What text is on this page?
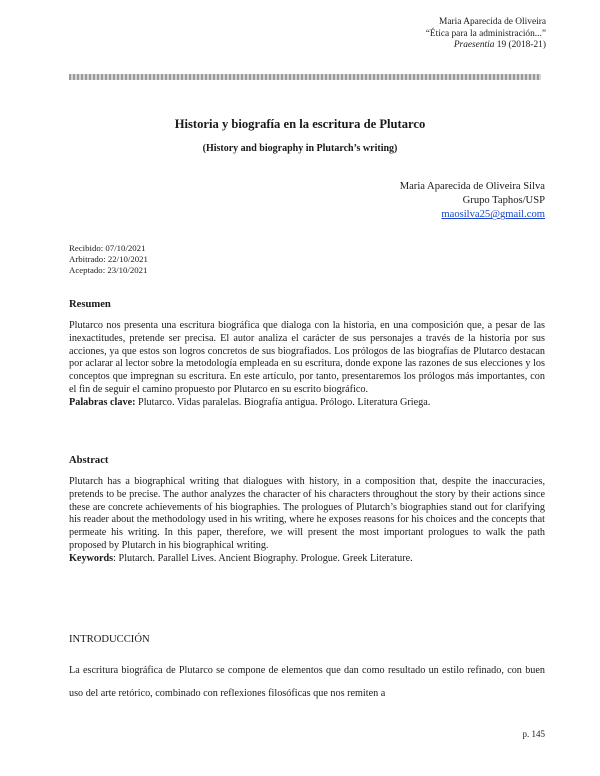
Maria Aparecida de Oliveira
“Ética para la administración...”
Praesentia 19 (2018-21)
Historia y biografía en la escritura de Plutarco
(History and biography in Plutarch’s writing)
Maria Aparecida de Oliveira Silva
Grupo Taphos/USP
maosilva25@gmail.com
Recibido: 07/10/2021
Arbitrado: 22/10/2021
Aceptado: 23/10/2021
Resumen

Plutarco nos presenta una escritura biográfica que dialoga con la historia, en una composición que, a pesar de las inexactitudes, pretende ser precisa. El autor analiza el carácter de sus personajes a través de la historia por sus acciones, ya que estos son logros concretos de sus biografiados. Los prólogos de las biografías de Plutarco destacan por aclarar al lector sobre la metodología empleada en su escritura, donde expone las razones de sus elecciones y los conceptos que impregnan su escritura. En este artículo, por tanto, presentaremos los prólogos más importantes, con el fin de seguir el camino propuesto por Plutarco en su escrito biográfico.

Palabras clave: Plutarco. Vidas paralelas. Biografía antigua. Prólogo. Literatura Griega.

Abstract

Plutarch has a biographical writing that dialogues with history, in a composition that, despite the inaccuracies, pretends to be precise. The author analyzes the character of his characters throughout the story by their actions since these are concrete achievements of his biographies. The prologues of Plutarch’s biographies stand out for clarifying his reader about the methodology used in his writing, where he exposes reasons for his choices and the concepts that permeate his writing. In this paper, therefore, we will present the most important prologues to walk the path proposed by Plutarch in his biographical writing.

Keywords: Plutarch. Parallel Lives. Ancient Biography. Prologue. Greek Literature.

INTRODUCCIÓN
La escritura biográfica de Plutarco se compone de elementos que dan como resultado un estilo refinado, con buen uso del arte retórico, combinado con reflexiones filosóficas que nos remiten a
p. 145
